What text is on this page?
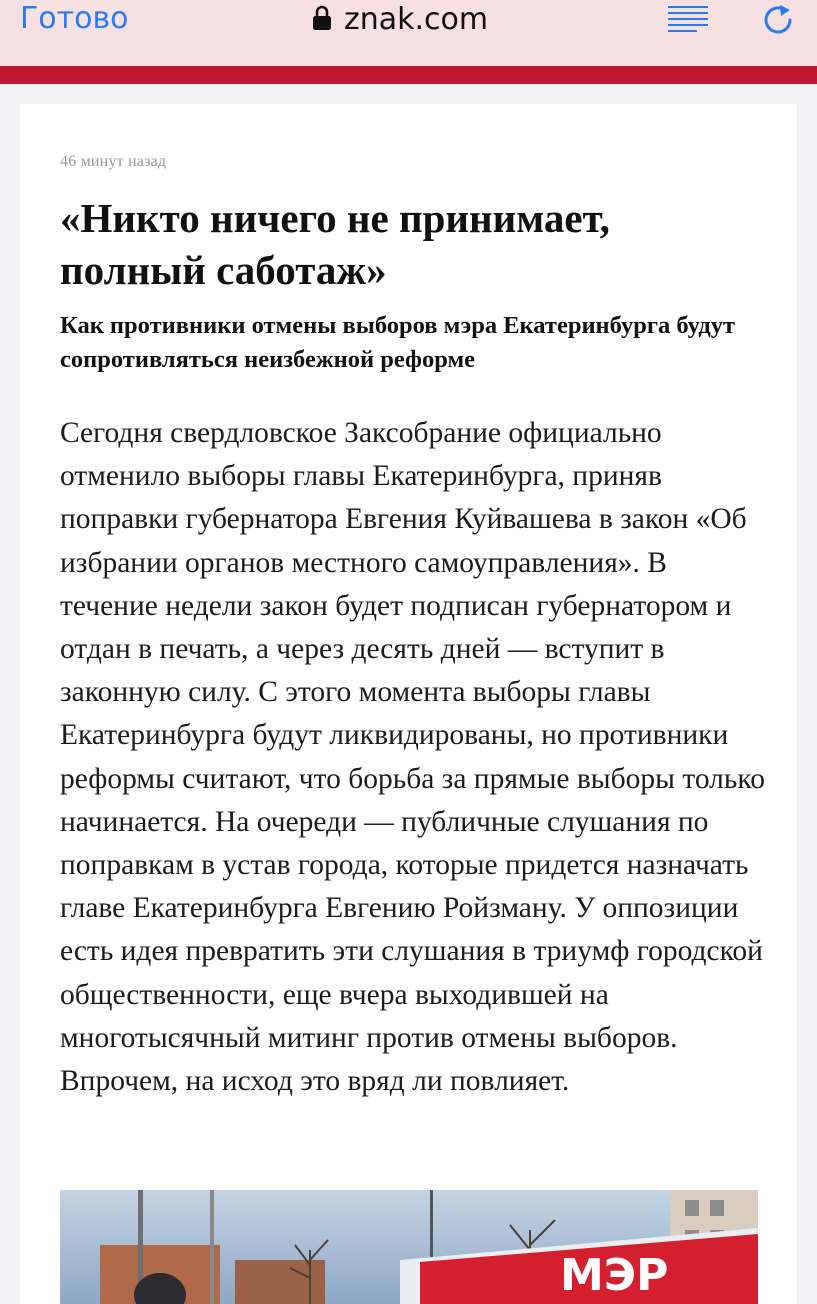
Готово	znak.com
46 минут назад
«Никто ничего не принимает, полный саботаж»
Как противники отмены выборов мэра Екатеринбурга будут сопротивляться неизбежной реформе

Сегодня свердловское Заксобрание официально отменило выборы главы Екатеринбурга, приняв поправки губернатора Евгения Куйвашева в закон «Об избрании органов местного самоуправления». В течение недели закон будет подписан губернатором и отдан в печать, а через десять дней — вступит в законную силу. С этого момента выборы главы Екатеринбурга будут ликвидированы, но противники реформы считают, что борьба за прямые выборы только начинается. На очереди — публичные слушания по поправкам в устав города, которые придется назначать главе Екатеринбурга Евгению Ройзману. У оппозиции есть идея превратить эти слушания в триумф городской общественности, еще вчера выходившей на многотысячный митинг против отмены выборов. Впрочем, на исход это вряд ли повлияет.

МЭР
